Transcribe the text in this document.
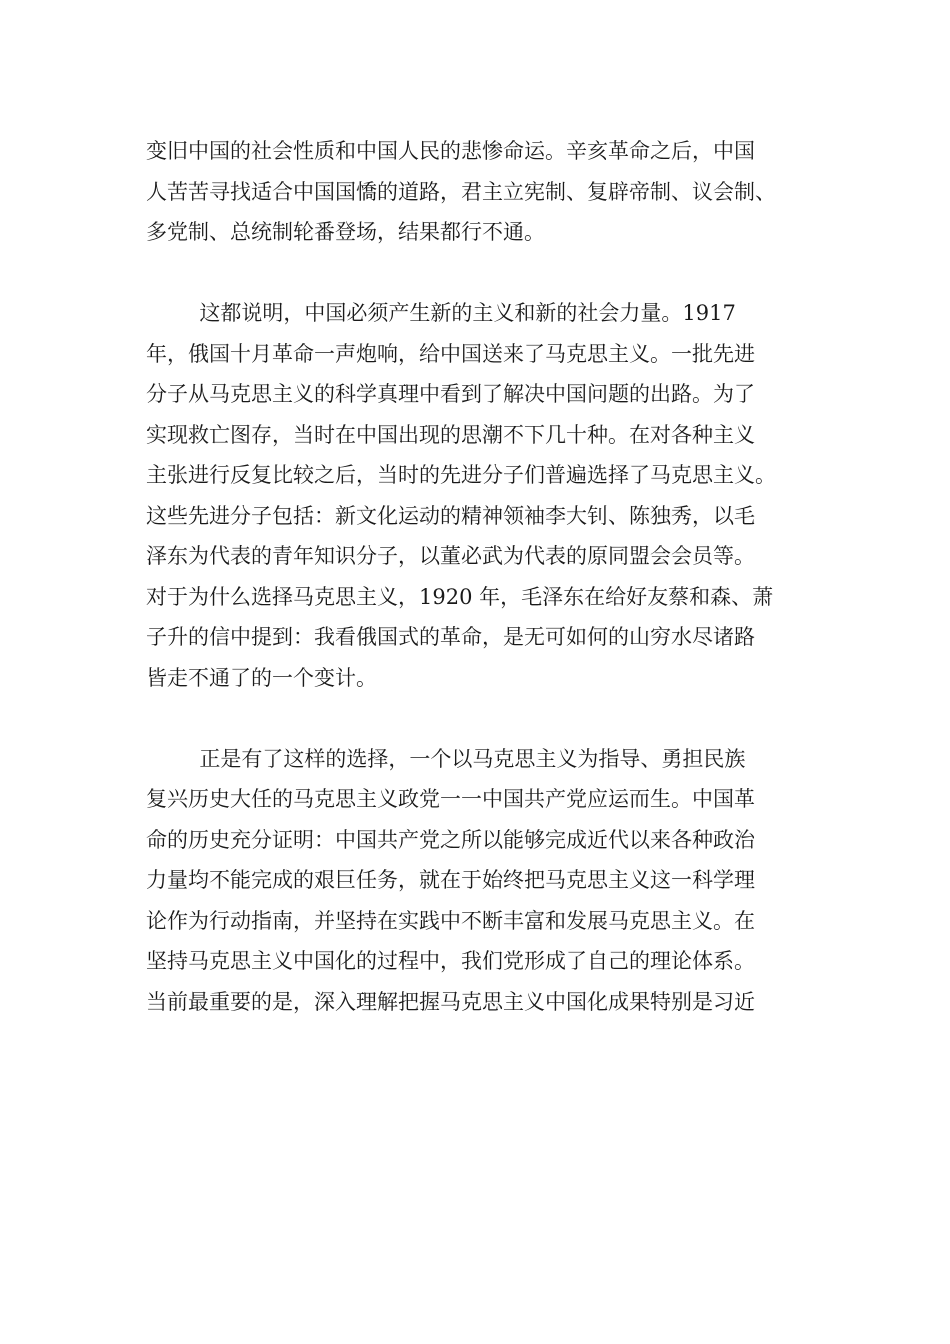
变旧中国的社会性质和中国人民的悲惨命运。辛亥革命之后，中国
人苦苦寻找适合中国国憍的道路，君主立宪制、复辟帝制、议会制、
多党制、总统制轮番登场，结果都行不通。
这都说明，中国必须产生新的主义和新的社会力量。1917
年，俄国十月革命一声炮响，给中国送来了马克思主义。一批先进
分子从马克思主义的科学真理中看到了解决中国问题的出路。为了
实现救亡图存，当时在中国出现的思潮不下几十种。在对各种主义
主张进行反复比较之后，当时的先进分子们普遍选择了马克思主义。
这些先进分子包括：新文化运动的精神领袖李大钊、陈独秀，以毛
泽东为代表的青年知识分子，以董必武为代表的原同盟会会员等。
对于为什么选择马克思主义，1920 年，毛泽东在给好友蔡和森、萧
子升的信中提到：我看俄国式的革命，是无可如何的山穷水尽诸路
皆走不通了的一个变计。
正是有了这样的选择，一个以马克思主义为指导、勇担民族
复兴历史大任的马克思主义政党一一中国共产党应运而生。中国革
命的历史充分证明：中国共产党之所以能够完成近代以来各种政治
力量均不能完成的艰巨任务，就在于始终把马克思主义这一科学理
论作为行动指南，并坚持在实践中不断丰富和发展马克思主义。在
坚持马克思主义中国化的过程中，我们党形成了自己的理论体系。
当前最重要的是，深入理解把握马克思主义中国化成果特别是习近
